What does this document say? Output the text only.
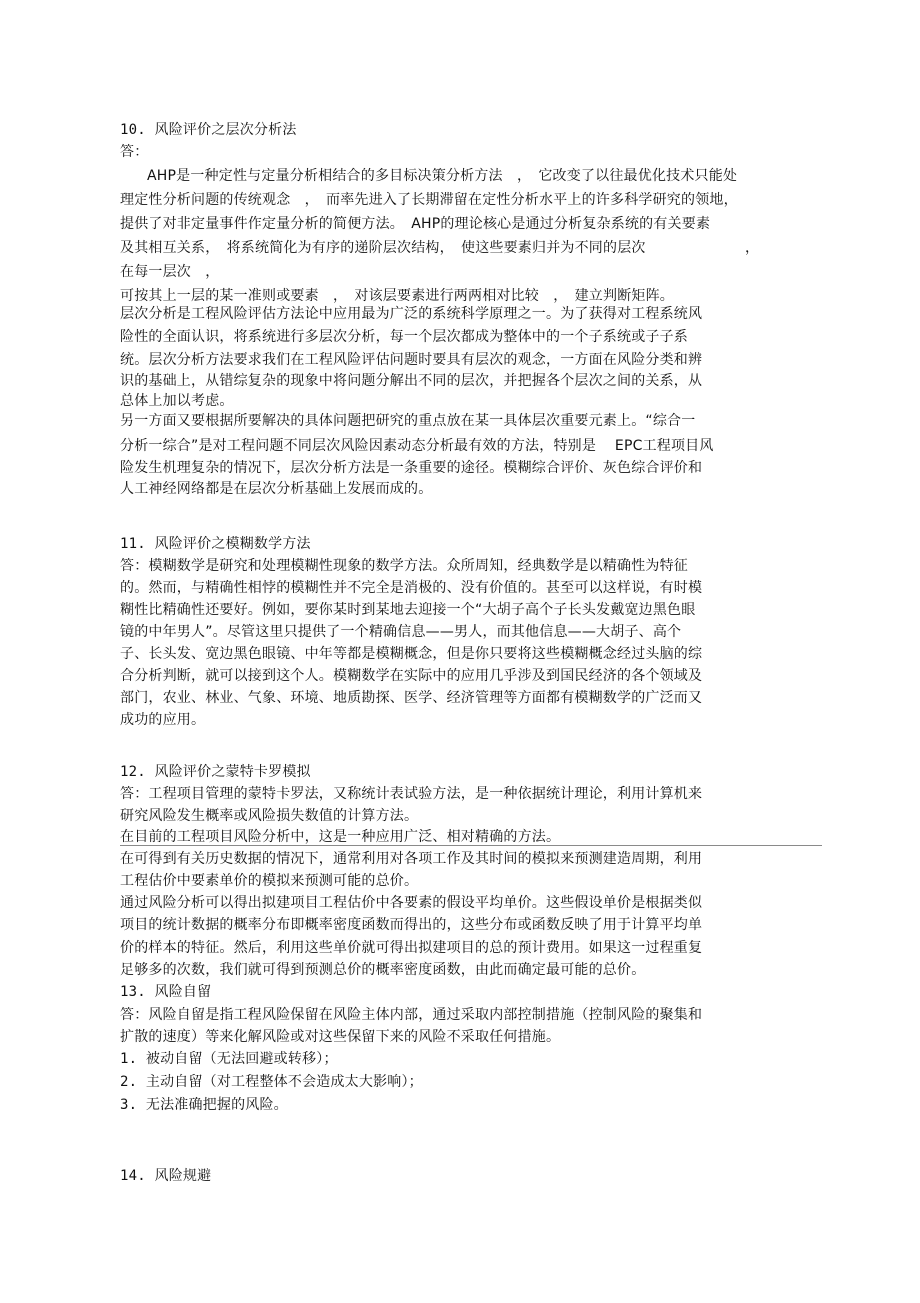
10. 风险评价之层次分析法
答：
AHP是一种定性与定量分析相结合的多目标决策分析方法　，　它改变了以往最优化技术只能处
理定性分析问题的传统观念　，　而率先进入了长期滞留在定性分析水平上的许多科学研究的领地，
提供了对非定量事件作定量分析的简便方法。　AHP的理论核心是通过分析复杂系统的有关要素
及其相互关系，　将系统简化为有序的递阶层次结构，　使这些要素归并为不同的层次　　　　　　　，
在每一层次　，
可按其上一层的某一准则或要素　，　对该层要素进行两两相对比较　，　建立判断矩阵。
层次分析是工程风险评估方法论中应用最为广泛的系统科学原理之一。为了获得对工程系统风
险性的全面认识，将系统进行多层次分析，每一个层次都成为整体中的一个子系统或子子系
统。层次分析方法要求我们在工程风险评估问题时要具有层次的观念，一方面在风险分类和辨
识的基础上，从错综复杂的现象中将问题分解出不同的层次，并把握各个层次之间的关系，从
总体上加以考虑。
另一方面又要根据所要解决的具体问题把研究的重点放在某一具体层次重要元素上。“综合一
分析一综合”是对工程问题不同层次风险因素动态分析最有效的方法，特别是　 EPC工程项目风
险发生机理复杂的情况下，层次分析方法是一条重要的途径。模糊综合评价、灰色综合评价和
人工神经网络都是在层次分析基础上发展而成的。
11. 风险评价之模糊数学方法
答：模糊数学是研究和处理模糊性现象的数学方法。众所周知，经典数学是以精确性为特征
的。然而，与精确性相悖的模糊性并不完全是消极的、没有价值的。甚至可以这样说，有时模
糊性比精确性还要好。例如，要你某时到某地去迎接一个“大胡子高个子长头发戴宽边黑色眼
镜的中年男人”。尽管这里只提供了一个精确信息——男人，而其他信息——大胡子、高个
子、长头发、宽边黑色眼镜、中年等都是模糊概念，但是你只要将这些模糊概念经过头脑的综
合分析判断，就可以接到这个人。模糊数学在实际中的应用几乎涉及到国民经济的各个领域及
部门，农业、林业、气象、环境、地质勘探、医学、经济管理等方面都有模糊数学的广泛而又
成功的应用。
12. 风险评价之蒙特卡罗模拟
答：工程项目管理的蒙特卡罗法，又称统计表试验方法，是一种依据统计理论，利用计算机来
研究风险发生概率或风险损失数值的计算方法。
在目前的工程项目风险分析中，这是一种应用广泛、相对精确的方法。
在可得到有关历史数据的情况下，通常利用对各项工作及其时间的模拟来预测建造周期，利用
工程估价中要素单价的模拟来预测可能的总价。
通过风险分析可以得出拟建项目工程估价中各要素的假设平均单价。这些假设单价是根据类似
项目的统计数据的概率分布即概率密度函数而得出的，这些分布或函数反映了用于计算平均单
价的样本的特征。然后，利用这些单价就可得出拟建项目的总的预计费用。如果这一过程重复
足够多的次数，我们就可得到预测总价的概率密度函数，由此而确定最可能的总价。
13. 风险自留
答：风险自留是指工程风险保留在风险主体内部，通过采取内部控制措施（控制风险的聚集和
扩散的速度）等来化解风险或对这些保留下来的风险不采取任何措施。
1. 被动自留（无法回避或转移）；
2. 主动自留（对工程整体不会造成太大影响）；
3. 无法准确把握的风险。
14. 风险规避
